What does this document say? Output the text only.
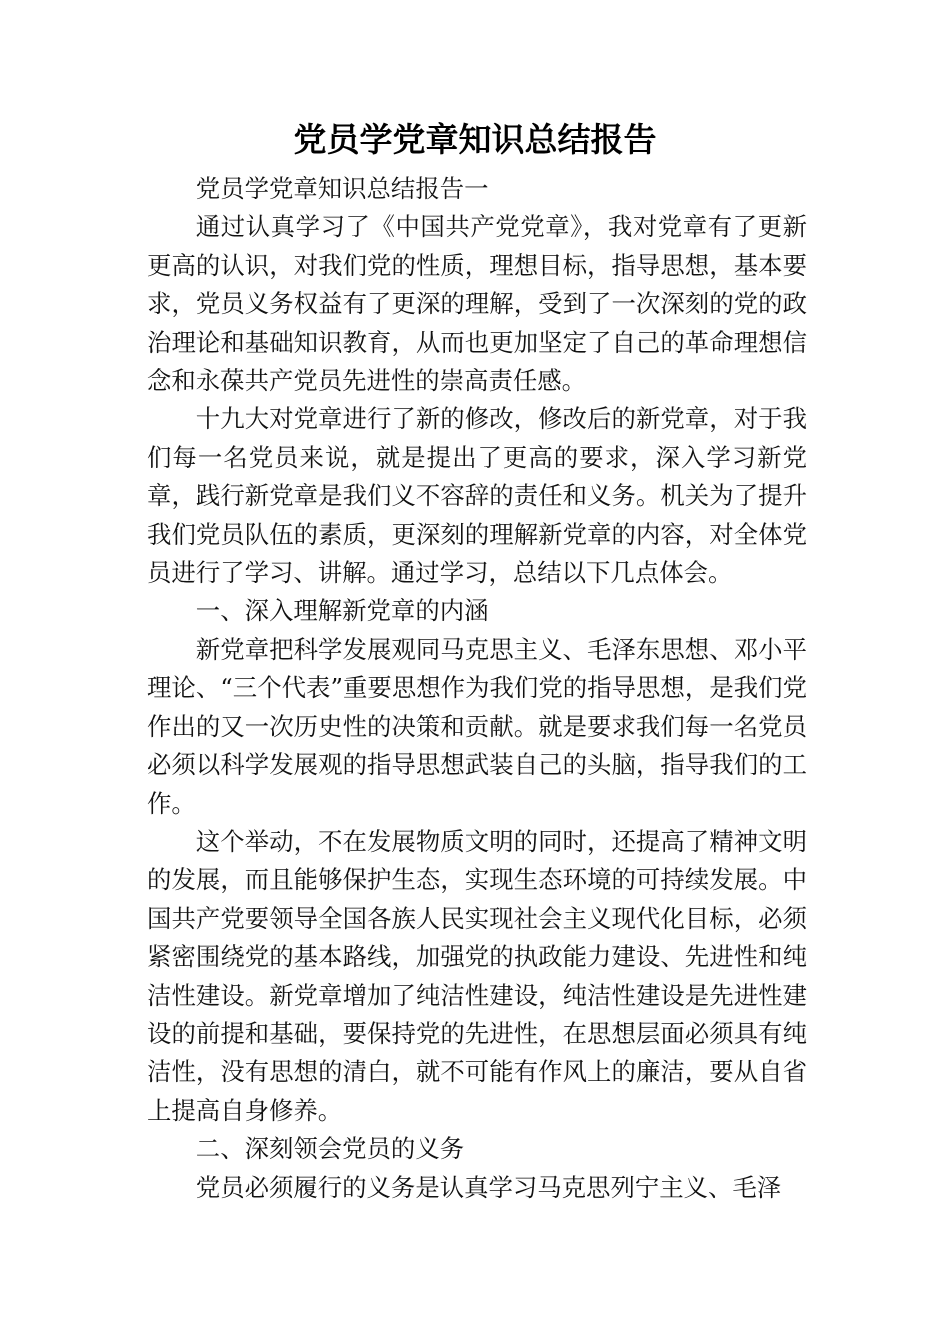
党员学党章知识总结报告

党员学党章知识总结报告一

通过认真学习了《中国共产党党章》，我对党章有了更新更高的认识，对我们党的性质，理想目标，指导思想，基本要求，党员义务权益有了更深的理解，受到了一次深刻的党的政治理论和基础知识教育，从而也更加坚定了自己的革命理想信念和永葆共产党员先进性的崇高责任感。

十九大对党章进行了新的修改，修改后的新党章，对于我们每一名党员来说，就是提出了更高的要求，深入学习新党章，践行新党章是我们义不容辞的责任和义务。机关为了提升我们党员队伍的素质，更深刻的理解新党章的内容，对全体党员进行了学习、讲解。通过学习，总结以下几点体会。

一、深入理解新党章的内涵

新党章把科学发展观同马克思主义、毛泽东思想、邓小平理论、“三个代表”重要思想作为我们党的指导思想，是我们党作出的又一次历史性的决策和贡献。就是要求我们每一名党员必须以科学发展观的指导思想武装自己的头脑，指导我们的工作。

这个举动，不在发展物质文明的同时，还提高了精神文明的发展，而且能够保护生态，实现生态环境的可持续发展。中国共产党要领导全国各族人民实现社会主义现代化目标，必须紧密围绕党的基本路线，加强党的执政能力建设、先进性和纯洁性建设。新党章增加了纯洁性建设，纯洁性建设是先进性建设的前提和基础，要保持党的先进性，在思想层面必须具有纯洁性，没有思想的清白，就不可能有作风上的廉洁，要从自省上提高自身修养。

二、深刻领会党员的义务

党员必须履行的义务是认真学习马克思列宁主义、毛泽
